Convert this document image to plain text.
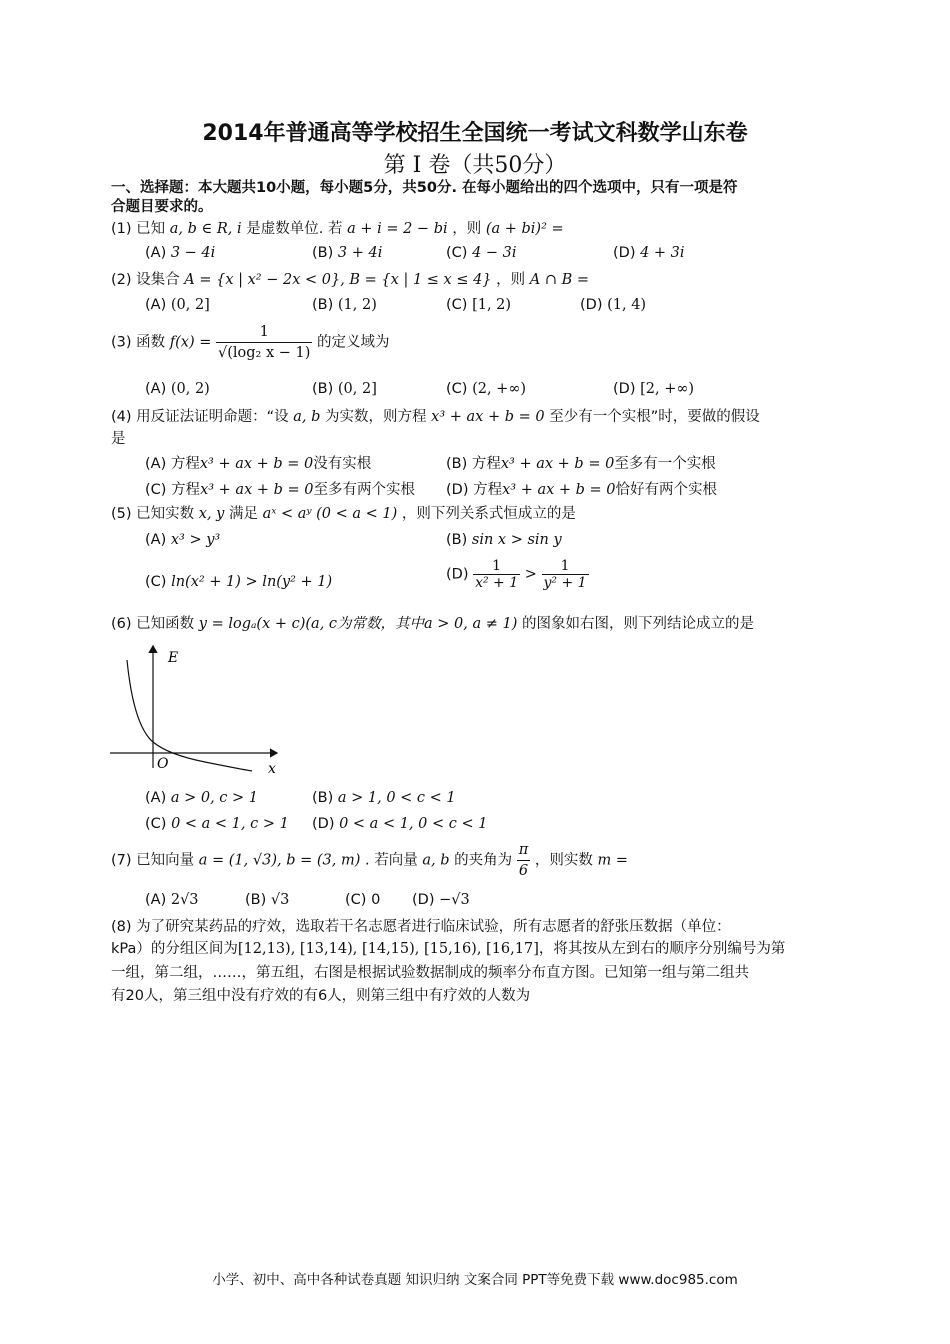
2014年普通高等学校招生全国统一考试文科数学山东卷
第 I 卷（共50分）
一、选择题：本大题共10小题，每小题5分，共50分. 在每小题给出的四个选项中，只有一项是符
合题目要求的。
(1) 已知 a, b ∈ R, i 是虚数单位. 若 a + i = 2 − bi ，则 (a + bi)² =
(A) 3 − 4i	(B) 3 + 4i	(C) 4 − 3i	(D) 4 + 3i
(2) 设集合 A = {x | x² − 2x < 0}, B = {x | 1 ≤ x ≤ 4} ，则 A ∩ B =
(A) (0, 2]	(B) (1, 2)	(C) [1, 2)	(D) (1, 4)
(3) 函数 $f(x) = \frac{1}{\text{√(log₂ x − 1)}}$ 的定义域为
(A) (0, 2)	(B) (0, 2]	(C) (2, +∞)	(D) [2, +∞)
(4) 用反证法证明命题：“设 a, b 为实数，则方程 x³ + ax + b = 0 至少有一个实根”时，要做的假设
是
(A) 方程x³ + ax + b = 0没有实根	(B) 方程x³ + ax + b = 0至多有一个实根
(C) 方程x³ + ax + b = 0至多有两个实根 (D) 方程x³ + ax + b = 0恰好有两个实根
(5) 已知实数 x, y 满足 aˣ < aʸ (0 < a < 1) ，则下列关系式恒成立的是
(A) x³ > y³	(B) sin x > sin y
(C) ln(x² + 1) > ln(y² + 1)	$(D) \frac{1}{\text{x² + 1}} > \frac{1}{\text{y² + 1}}$
(6) 已知函数 y = logₐ(x + c)(a, c为常数，其中a > 0, a ≠ 1) 的图象如右图，则下列结论成立的是
E
O	x
(A) a > 0, c > 1	(B) a > 1, 0 < c < 1
(C) 0 < a < 1, c > 1 (D) 0 < a < 1, 0 < c < 1
(7) 已知向量 a = (1, √3), b = (3, m) . 若向量 a, b 的夹角为 $\frac{\pi}{6}$ ，则实数 m =
(A) 2√3	(B) √3	(C) 0 (D) −√3
(8) 为了研究某药品的疗效，选取若干名志愿者进行临床试验，所有志愿者的舒张压数据（单位：
kPa）的分组区间为[12,13), [13,14), [14,15), [15,16), [16,17]，将其按从左到右的顺序分别编号为第
一组，第二组，……，第五组，右图是根据试验数据制成的频率分布直方图。已知第一组与第二组共
有20人，第三组中没有疗效的有6人，则第三组中有疗效的人数为
小学、初中、高中各种试卷真题 知识归纳 文案合同 PPT等免费下载 www.doc985.com
